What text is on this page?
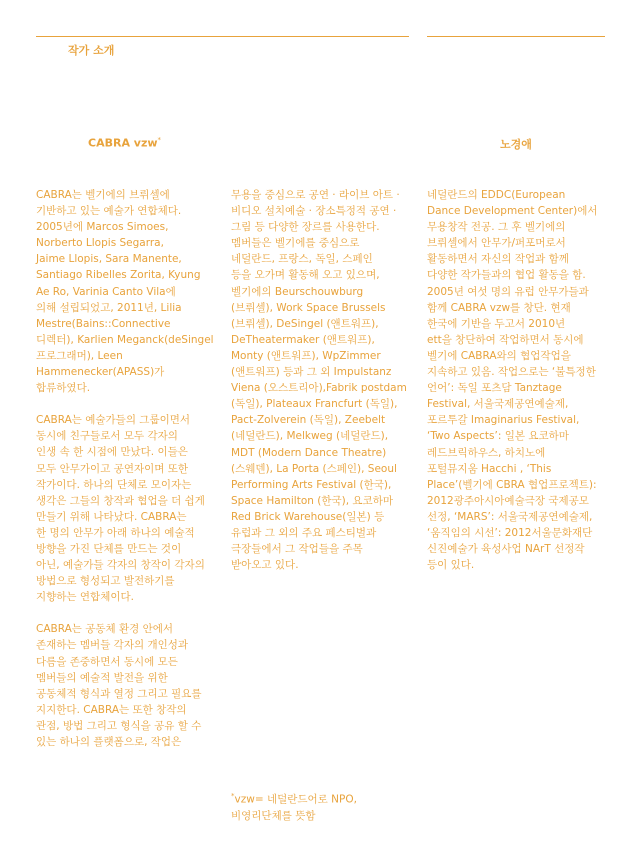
작가 소개
CABRA vzw*	노경애

CABRA는 벨기에의 브뤼셀에
기반하고 있는 예술가 연합체다.
2005년에 Marcos Simoes,
Norberto Llopis Segarra,
Jaime Llopis, Sara Manente,
Santiago Ribelles Zorita, Kyung
Ae Ro, Varinia Canto Vila에
의해 설립되었고, 2011년, Lilia
Mestre(Bains::Connective
디렉터), Karlien Meganck(deSingel
프로그래머), Leen
Hammenecker(APASS)가
합류하였다.

CABRA는 예술가들의 그룹이면서
동시에 친구들로서 모두 각자의
인생 속 한 시점에 만났다. 이들은
모두 안무가이고 공연자이며 또한
작가이다. 하나의 단체로 모이자는
생각은 그들의 창작과 협업을 더 쉽게
만들기 위해 나타났다. CABRA는
한 명의 안무가 아래 하나의 예술적
방향을 가진 단체를 만드는 것이
아닌, 예술가들 각자의 창작이 각자의
방법으로 형성되고 발전하기를
지향하는 연합체이다.

CABRA는 공동체 환경 안에서
존재하는 멤버들 각자의 개인성과
다름을 존중하면서 동시에 모든
멤버들의 예술적 발전을 위한
공동체적 형식과 열정 그리고 필요를
지지한다. CABRA는 또한 창작의
관점, 방법 그리고 형식을 공유 할 수
있는 하나의 플랫폼으로, 작업은

무용을 중심으로 공연 · 라이브 아트 ·
비디오 설치예술 · 장소특정적 공연 ·
그림 등 다양한 장르를 사용한다.
멤버들은 벨기에를 중심으로
네덜란드, 프랑스, 독일, 스페인
등을 오가며 활동해 오고 있으며,
벨기에의 Beurschouwburg
(브뤼셀), Work Space Brussels
(브뤼셀), DeSingel (앤트워프),
DeTheatermaker (앤트워프),
Monty (앤트워프), WpZimmer
(앤트워프) 등과 그 외 Impulstanz
Viena (오스트리아),Fabrik postdam
(독일), Plateaux Francfurt (독일),
Pact-Zolverein (독일), Zeebelt
(네덜란드), Melkweg (네덜란드),
MDT (Modern Dance Theatre)
(스웨덴), La Porta (스페인), Seoul
Performing Arts Festival (한국),
Space Hamilton (한국), 요코하마
Red Brick Warehouse(일본) 등
유럽과 그 외의 주요 페스티벌과
극장들에서 그 작업들을 주목
받아오고 있다.

네덜란드의 EDDC(European
Dance Development Center)에서
무용창작 전공. 그 후 벨기에의
브뤼셀에서 안무가/퍼포머로서
활동하면서 자신의 작업과 함께
다양한 작가들과의 협업 활동을 함.
2005년 여섯 명의 유럽 안무가들과
함께 CABRA vzw를 창단. 현재
한국에 기반을 두고서 2010년
ett을 창단하여 작업하면서 동시에
벨기에 CABRA와의 협업작업을
지속하고 있음. 작업으로는 ‘불특정한
언어’: 독일 포츠담 Tanztage
Festival, 서울국제공연예술제,
포르투갈 Imaginarius Festival,
‘Two Aspects’: 일본 요코하마
레드브릭하우스, 하치노에
포털뮤지움 Hacchi , ‘This
Place’(벨기에 CBRA 협업프로젝트):
2012광주아시아예술극장 국제공모
선정, ‘MARS’: 서울국제공연예술제,
‘움직임의 시선’: 2012서울문화재단
신진예술가 육성사업 NArT 선정작
등이 있다.

*vzw= 네덜란드어로 NPO,
비영리단체를 뜻함
